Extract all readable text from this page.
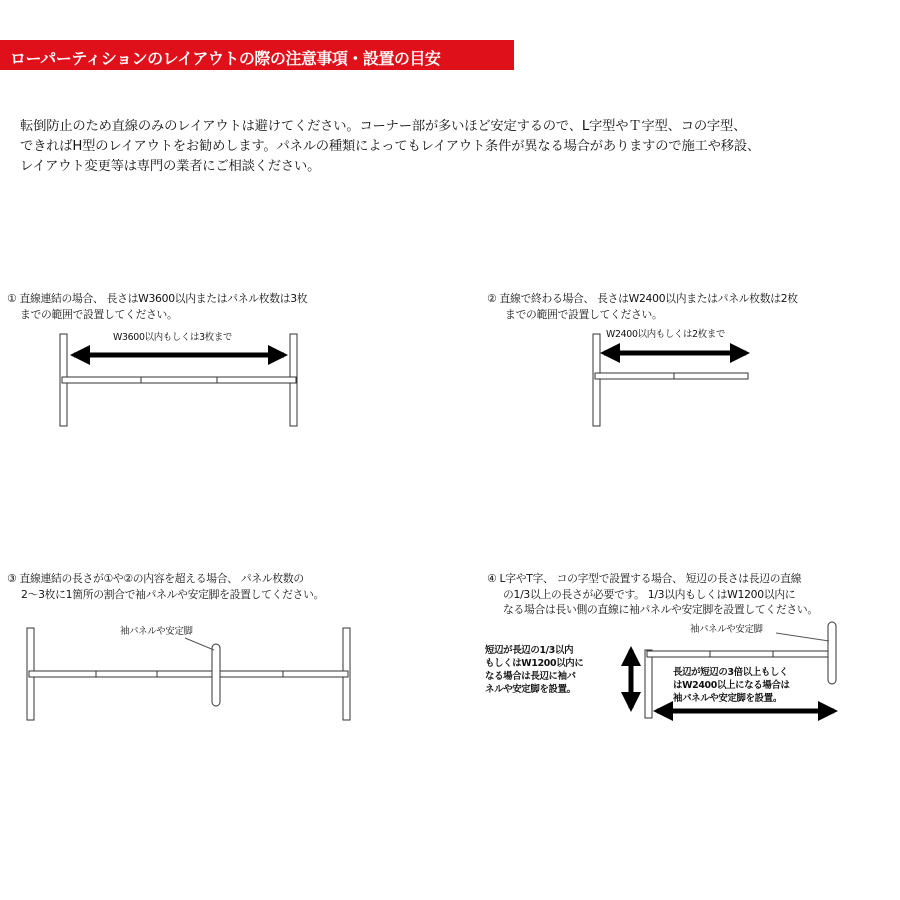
ローパーティションのレイアウトの際の注意事項・設置の目安
転倒防止のため直線のみのレイアウトは避けてください。コーナー部が多いほど安定するので、L字型やＴ字型、コの字型、
できればH型のレイアウトをお勧めします。パネルの種類によってもレイアウト条件が異なる場合がありますので施工や移設、
レイアウト変更等は専門の業者にご相談ください。
① 直線連結の場合、 長さはW3600以内またはパネル枚数は3枚
までの範囲で設置してください。
W3600以内もしくは3枚まで
② 直線で終わる場合、 長さはW2400以内またはパネル枚数は2枚
までの範囲で設置してください。
W2400以内もしくは2枚まで
③ 直線連結の長さが①や②の内容を超える場合、 パネル枚数の
2～3枚に1箇所の割合で袖パネルや安定脚を設置してください。
袖パネルや安定脚
④ L字やT字、 コの字型で設置する場合、 短辺の長さは長辺の直線
の1/3以上の長さが必要です。 1/3以内もしくはW1200以内に
なる場合は長い側の直線に袖パネルや安定脚を設置してください。
袖パネルや安定脚
短辺が長辺の1/3以内
もしくはW1200以内に
なる場合は長辺に袖パ
ネルや安定脚を設置。
長辺が短辺の3倍以上もしく
はW2400以上になる場合は
袖パネルや安定脚を設置。
